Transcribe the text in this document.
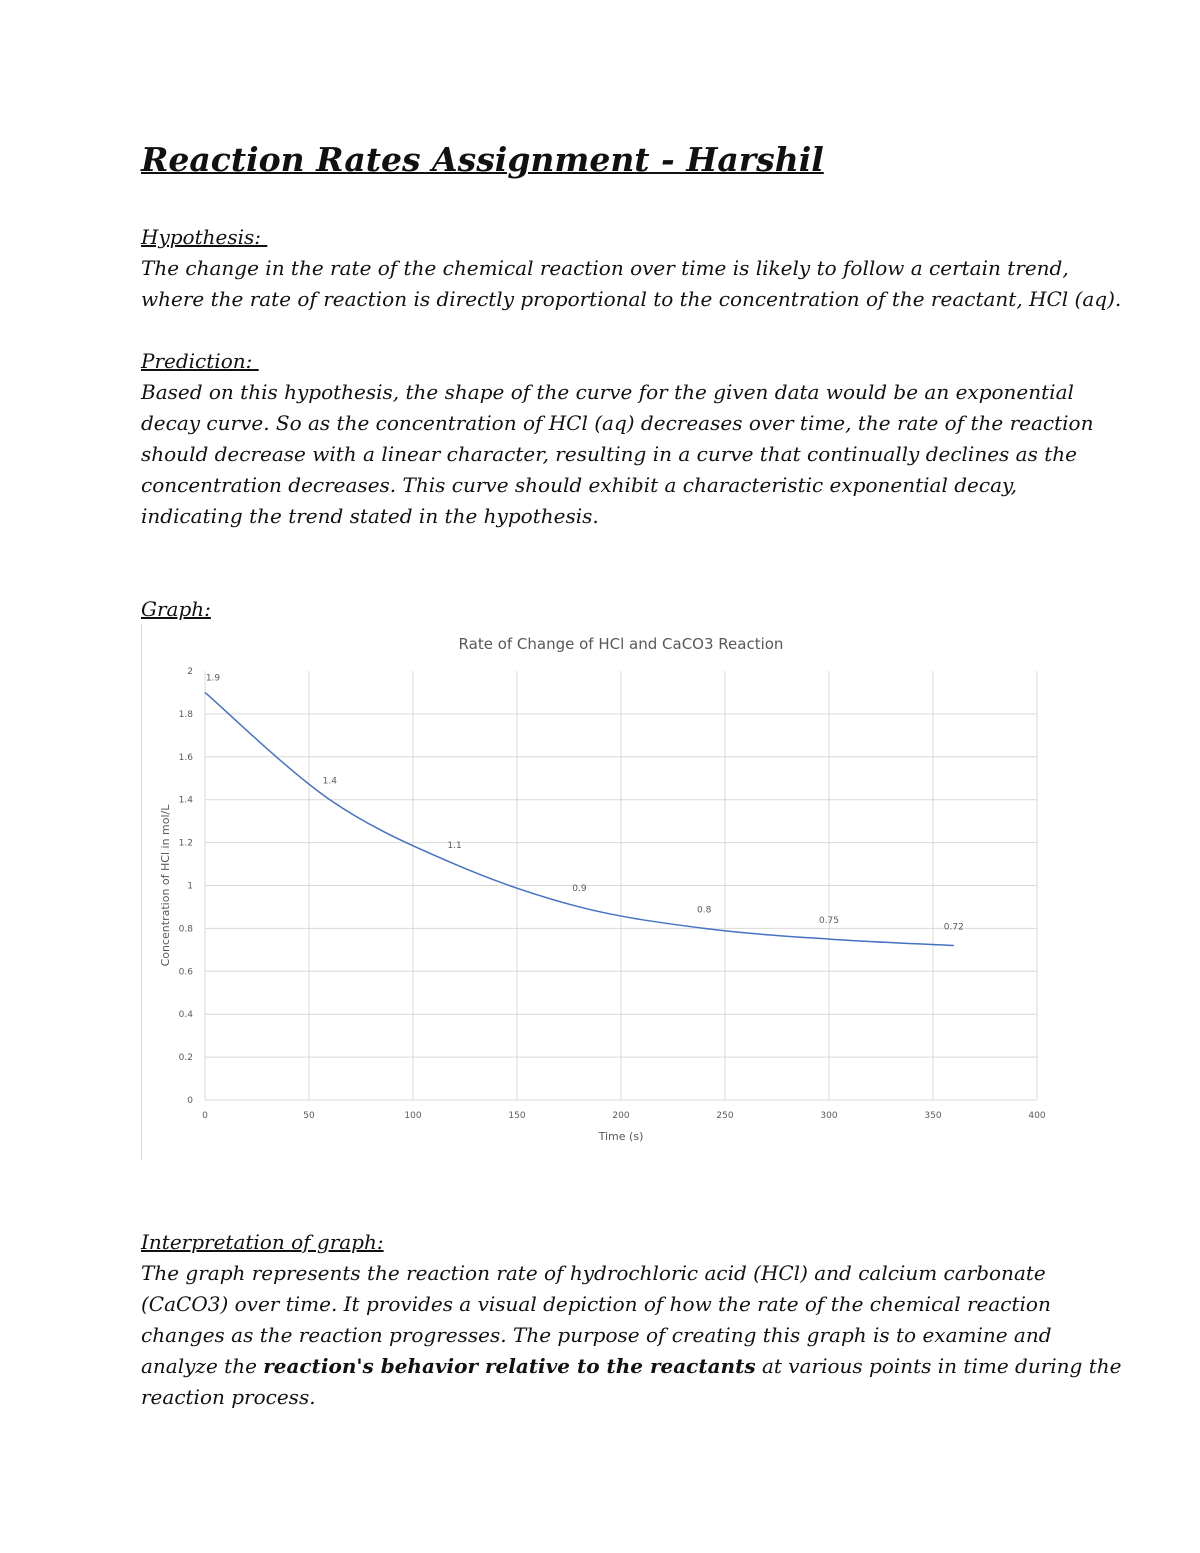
Reaction Rates Assignment - Harshil
Hypothesis:
The change in the rate of the chemical reaction over time is likely to follow a certain trend,
where the rate of reaction is directly proportional to the concentration of the reactant, HCl (aq).
Prediction:
Based on this hypothesis, the shape of the curve for the given data would be an exponential
decay curve. So as the concentration of HCl (aq) decreases over time, the rate of the reaction
should decrease with a linear character, resulting in a curve that continually declines as the
concentration decreases. This curve should exhibit a characteristic exponential decay,
indicating the trend stated in the hypothesis.
Graph:
0
0.2
0.4
0.6
0.8
1
1.2
1.4
1.6
1.8
2
0	50	100	150	200	250	300	350	400
Rate of Change of HCl and CaCO3 Reaction
Time (s)
Concentration of HCl in mol/L
1.9
1.4
1.1
0.9
0.8
0.75
0.72
Interpretation of graph:
The graph represents the reaction rate of hydrochloric acid (HCl) and calcium carbonate
(CaCO3) over time. It provides a visual depiction of how the rate of the chemical reaction
changes as the reaction progresses. The purpose of creating this graph is to examine and
analyze the reaction's behavior relative to the reactants at various points in time during the
reaction process.
